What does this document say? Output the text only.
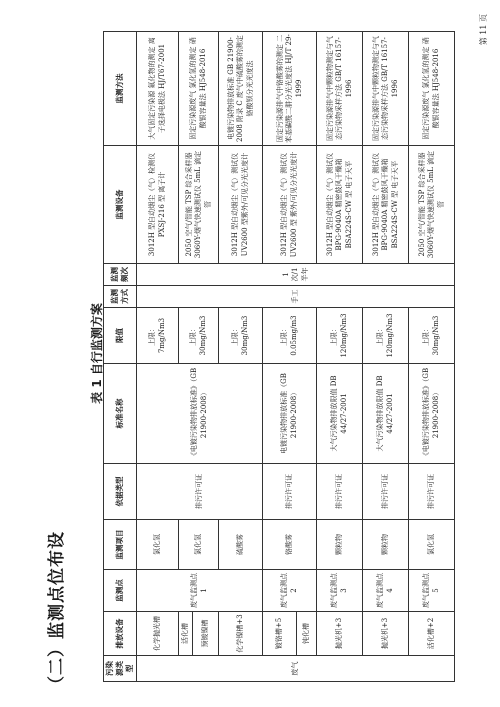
（二）监测点位布设
表 1 自行监测方案
污染源类型	排放设备	监测点	监测项目	依据类型	标准名称	限值	监测方式	监测频次	监测设备	监测方法
废气	化学抛光槽	废气监测点1	氯化氢	排污许可证	《电镀污染物排放标准》（GB 21900-2008）	上限：7mg/Nm3	手工	1次/1半年	3012H 型自动烟尘（气）检测仪 PXSJ-216 型 离子计	大气固定污染源 氟化物的测定 离子选择电极法 HJ/T67-2001
	活化槽		氯化氢			上限：30mg/Nm3			2050 空气/智能 TSP 综合采样器 3060Y-烟气快速测试仪 5mL 滴定管	固定污染源废气 氯化氢的测定 硝酸银容量法 HJ548-2016
	预镀镍槽									
	化学镍槽+3		硫酸雾			上限：30mg/Nm3			3012H 型自动烟尘（气）测试仪 UV2600 型紫外/可见分光光度计	电镀污染物排放标准 GB 21900-2008 附录 C 废气中硫酸雾的测定 铬酸钡分光光度法
	镀铬槽+5	废气监测点2	铬酸雾	排污许可证	电镀污染物排放标准（GB 21900-2008）	上限：0.05mg/m3			3012H 型自动烟尘（气）测试仪 UV2600 型 紫外/可见分光光度计	固定污染源排气中铬酸雾的测定 二苯基碳酰二肼分光光度法 HJ/T 29-1999
	钝化槽									
	抛光机+3	废气监测点3	颗粒物	排污许可证	大气污染物排放限值 DB 44/27-2001	上限：120mg/Nm3			3012H 型自动烟尘（气）测试仪 BPG-9040A 精密鼓风干燥箱 BSA224S-CW 型 电子天平	固定污染源排气中颗粒物测定与气态污染物采样方法 GB/T 16157-1996
	抛光机+3	废气监测点4	颗粒物	排污许可证	大气污染物排放限值 DB 44/27-2001	上限：120mg/Nm3			3012H 型自动烟尘（气）测试仪 BPG-9040A 精密鼓风干燥箱 BSA224S-CW 型 电子天平	固定污染源排气中颗粒物测定与气态污染物采样方法 GB/T 16157-1996
	活化槽+2	废气监测点5	氯化氢	排污许可证	《电镀污染物排放标准》（GB 21900-2008）	上限：30mg/Nm3			2050 空气/智能 TSP 综合采样器 3060Y-烟气快速测试仪 5mL 滴定管	固定污染源废气 氯化氢的测定 硝酸银容量法 HJ548-2016
第 11 页
